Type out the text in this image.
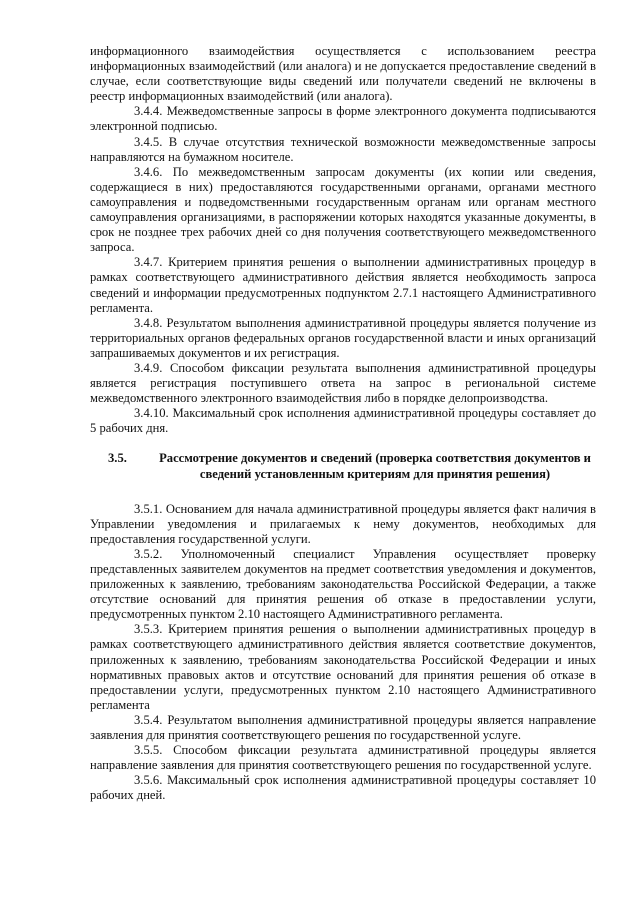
информационного взаимодействия осуществляется с использованием реестра информационных взаимодействий (или аналога) и не допускается предоставление сведений в случае, если соответствующие виды сведений или получатели сведений не включены в реестр информационных взаимодействий (или аналога).

3.4.4. Межведомственные запросы в форме электронного документа подписываются электронной подписью.

3.4.5. В случае отсутствия технической возможности межведомственные запросы направляются на бумажном носителе.

3.4.6. По межведомственным запросам документы (их копии или сведения, содержащиеся в них) предоставляются государственными органами, органами местного самоуправления и подведомственными государственным органам или органам местного самоуправления организациями, в распоряжении которых находятся указанные документы, в срок не позднее трех рабочих дней со дня получения соответствующего межведомственного запроса.

3.4.7. Критерием принятия решения о выполнении административных процедур в рамках соответствующего административного действия является необходимость запроса сведений и информации предусмотренных подпунктом 2.7.1 настоящего Административного регламента.

3.4.8. Результатом выполнения административной процедуры является получение из территориальных органов федеральных органов государственной власти и иных организаций запрашиваемых документов и их регистрация.

3.4.9. Способом фиксации результата выполнения административной процедуры является регистрация поступившего ответа на запрос в региональной системе межведомственного электронного взаимодействия либо в порядке делопроизводства.

3.4.10. Максимальный срок исполнения административной процедуры составляет до 5 рабочих дня.

3.5.	Рассмотрение документов и сведений (проверка соответствия документов и сведений установленным критериям для принятия решения)

3.5.1. Основанием для начала административной процедуры является факт наличия в Управлении уведомления и прилагаемых к нему документов, необходимых для предоставления государственной услуги.

3.5.2. Уполномоченный специалист Управления осуществляет проверку представленных заявителем документов на предмет соответствия уведомления и документов, приложенных к заявлению, требованиям законодательства Российской Федерации, а также отсутствие оснований для принятия решения об отказе в предоставлении услуги, предусмотренных пунктом 2.10 настоящего Административного регламента.

3.5.3. Критерием принятия решения о выполнении административных процедур в рамках соответствующего административного действия является соответствие документов, приложенных к заявлению, требованиям законодательства Российской Федерации и иных нормативных правовых актов и отсутствие оснований для принятия решения об отказе в предоставлении услуги, предусмотренных пунктом 2.10 настоящего Административного регламента

3.5.4. Результатом выполнения административной процедуры является направление заявления для принятия соответствующего решения по государственной услуге.

3.5.5. Способом фиксации результата административной процедуры является направление заявления для принятия соответствующего решения по государственной услуге.

3.5.6. Максимальный срок исполнения административной процедуры составляет 10 рабочих дней.
